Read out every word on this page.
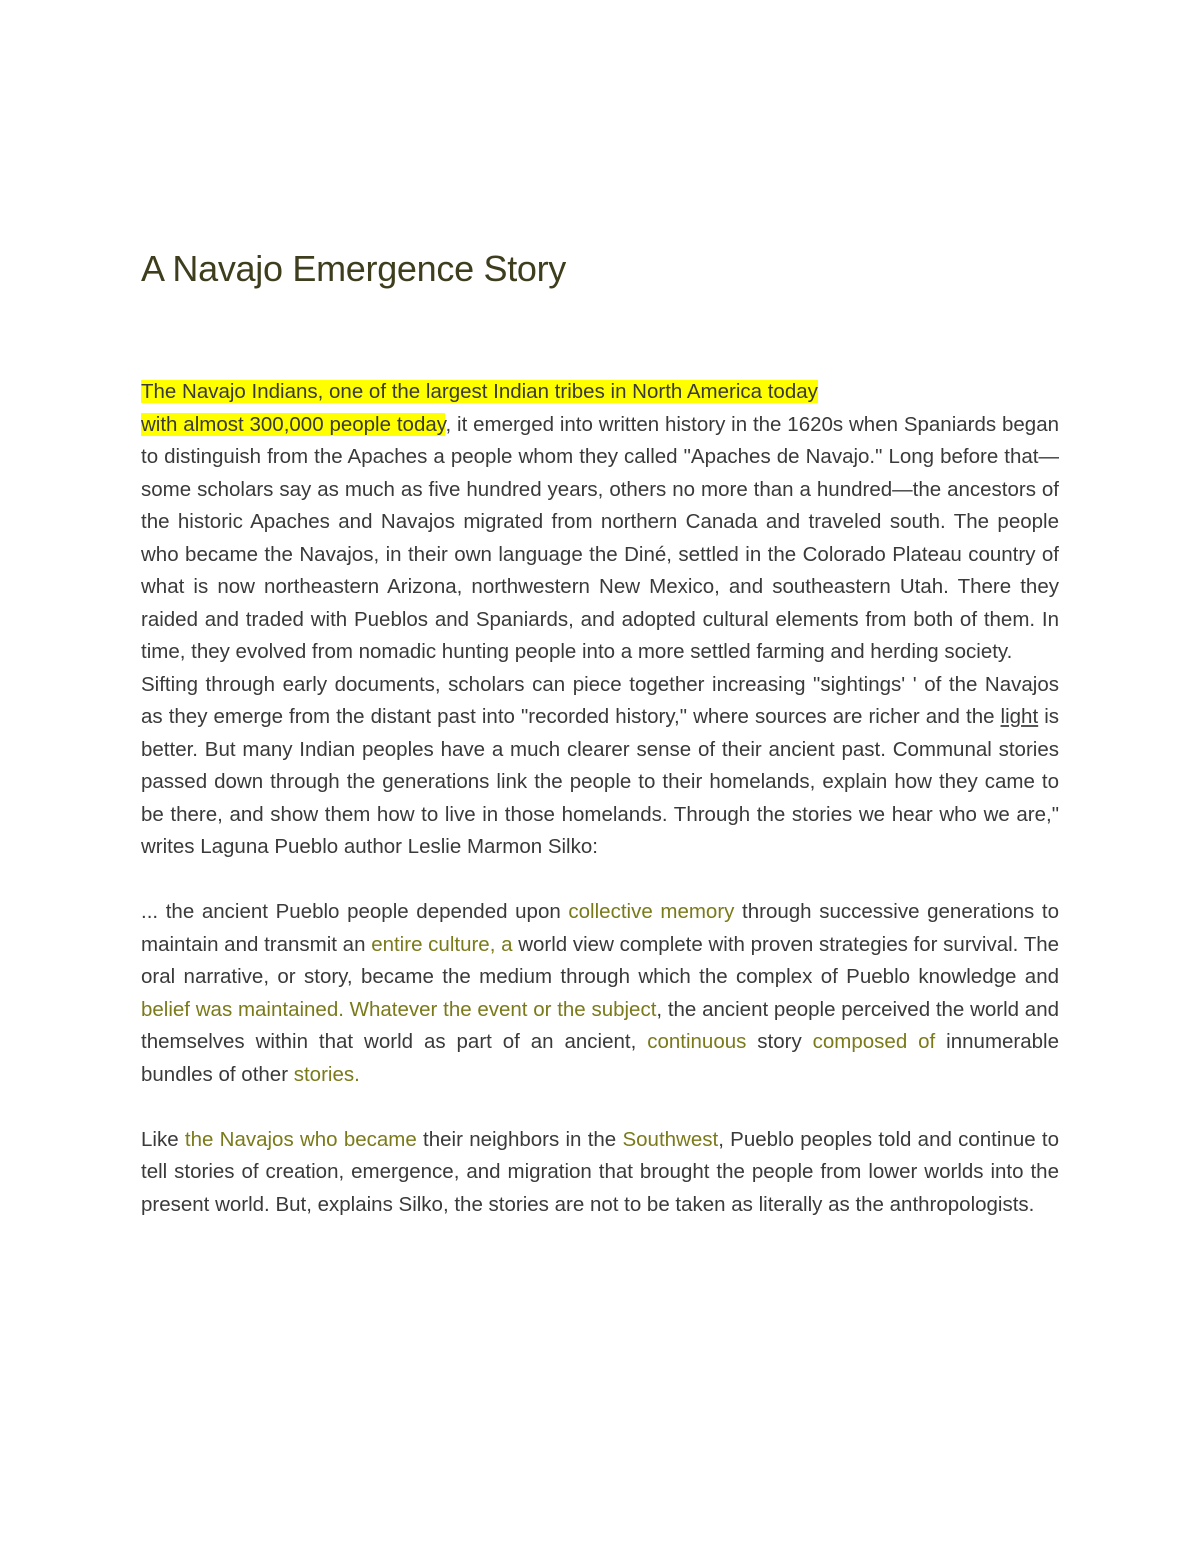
A Navajo Emergence Story
The Navajo Indians, one of the largest Indian tribes in North America today

with almost 300,000 people today, it emerged into written history in the 1620s when Spaniards began to distinguish from the Apaches a people whom they called "Apaches de Navajo." Long before that—some scholars say as much as five hundred years, others no more than a hundred—the ancestors of the historic Apaches and Navajos migrated from northern Canada and traveled south. The people who became the Navajos, in their own language the Diné, settled in the Colorado Plateau country of what is now northeastern Arizona, northwestern New Mexico, and southeastern Utah. There they raided and traded with Pueblos and Spaniards, and adopted cultural elements from both of them. In time, they evolved from nomadic hunting people into a more settled farming and herding society.

Sifting through early documents, scholars can piece together increasing "sightings' ' of the Navajos as they emerge from the distant past into "recorded history," where sources are richer and the light is better. But many Indian peoples have a much clearer sense of their ancient past. Communal stories passed down through the generations link the people to their homelands, explain how they came to be there, and show them how to live in those homelands. Through the stories we hear who we are," writes Laguna Pueblo author Leslie Marmon Silko:

... the ancient Pueblo people depended upon collective memory through successive generations to maintain and transmit an entire culture, a world view complete with proven strategies for survival. The oral narrative, or story, became the medium through which the complex of Pueblo knowledge and belief was maintained. Whatever the event or the subject, the ancient people perceived the world and themselves within that world as part of an ancient, continuous story composed of innumerable bundles of other stories.

Like the Navajos who became their neighbors in the Southwest, Pueblo peoples told and continue to tell stories of creation, emergence, and migration that brought the people from lower worlds into the present world. But, explains Silko, the stories are not to be taken as literally as the anthropologists.
